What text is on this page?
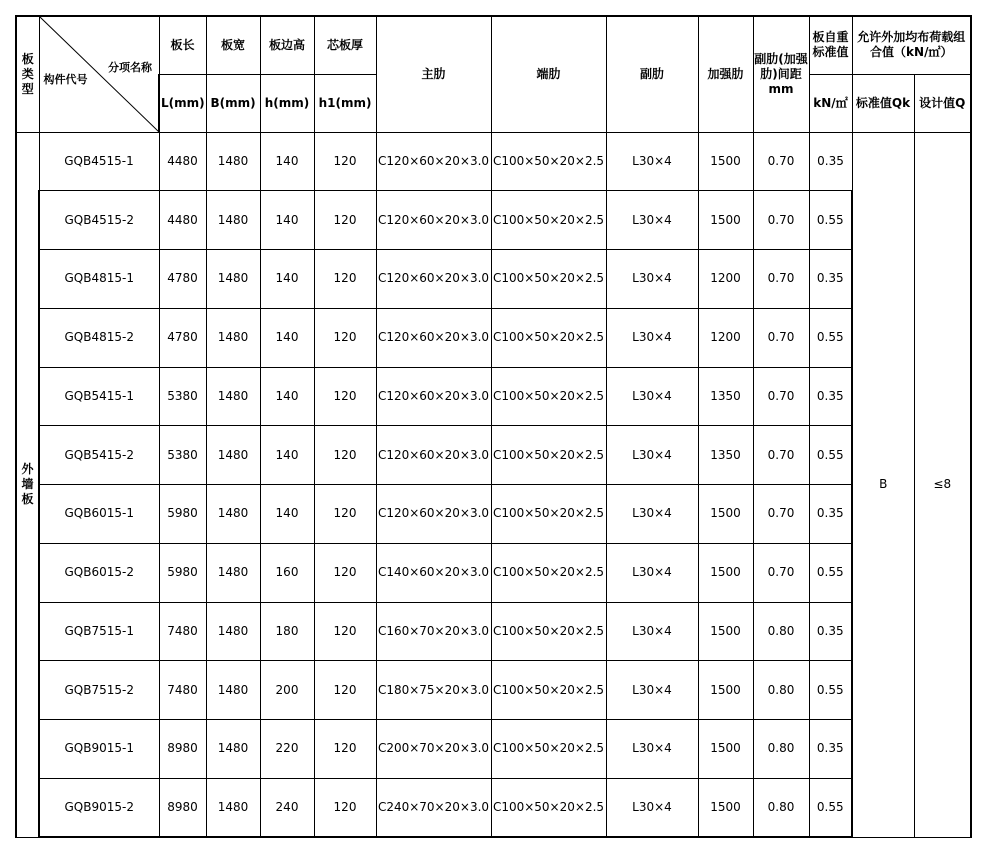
板
类
型	分项名称
构件代号	板长	板宽	板边高	芯板厚	主肋	端肋	副肋	加强肋	副肋(加强肋)间距mm	板自重标准值	允许外加均布荷载组合值（kN/㎡）	
		L(mm)	B(mm)	h(mm)	h1(mm)						kN/㎡	标准值Qk	设计值Q

外
墙
板	GQB4515-1	4480	1480	140	120	C120×60×20×3.0	C100×50×20×2.5	L30×4	1500	0.70	0.35	B	≤8
	GQB4515-2	4480	1480	140	120	C120×60×20×3.0	C100×50×20×2.5	L30×4	1500	0.70	0.55		
	GQB4815-1	4780	1480	140	120	C120×60×20×3.0	C100×50×20×2.5	L30×4	1200	0.70	0.35		
	GQB4815-2	4780	1480	140	120	C120×60×20×3.0	C100×50×20×2.5	L30×4	1200	0.70	0.55		
	GQB5415-1	5380	1480	140	120	C120×60×20×3.0	C100×50×20×2.5	L30×4	1350	0.70	0.35		
	GQB5415-2	5380	1480	140	120	C120×60×20×3.0	C100×50×20×2.5	L30×4	1350	0.70	0.55		
	GQB6015-1	5980	1480	140	120	C120×60×20×3.0	C100×50×20×2.5	L30×4	1500	0.70	0.35		
	GQB6015-2	5980	1480	160	120	C140×60×20×3.0	C100×50×20×2.5	L30×4	1500	0.70	0.55		
	GQB7515-1	7480	1480	180	120	C160×70×20×3.0	C100×50×20×2.5	L30×4	1500	0.80	0.35		
	GQB7515-2	7480	1480	200	120	C180×75×20×3.0	C100×50×20×2.5	L30×4	1500	0.80	0.55		
	GQB9015-1	8980	1480	220	120	C200×70×20×3.0	C100×50×20×2.5	L30×4	1500	0.80	0.35		
	GQB9015-2	8980	1480	240	120	C240×70×20×3.0	C100×50×20×2.5	L30×4	1500	0.80	0.55		
